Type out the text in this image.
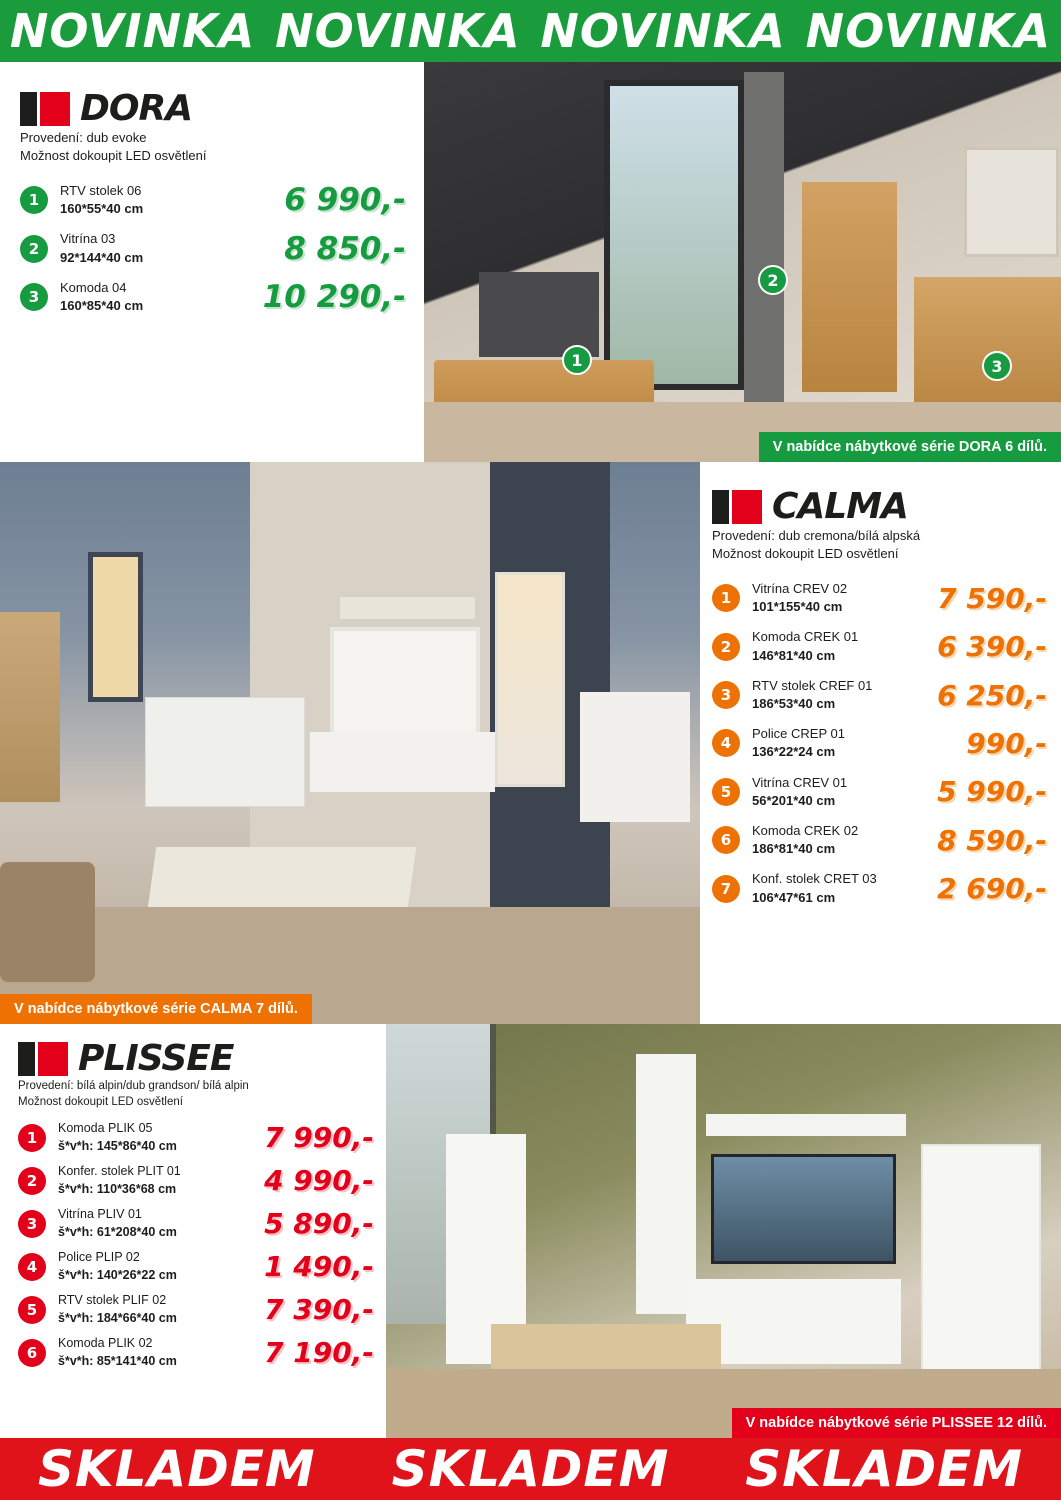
NOVINKA NOVINKA NOVINKA NOVINKA
DORA
Provedení: dub evoke
Možnost dokoupit LED osvětlení
1
RTV stolek 06
160*55*40 cm	6 990,-
2
Vitrína 03
92*144*40 cm	8 850,-
3
Komoda 04
160*85*40 cm	10 290,-
1
2
3
V nabídce nábytkové série DORA 6 dílů.
V nabídce nábytkové série CALMA 7 dílů.
CALMA
Provedení: dub cremona/bílá alpská
Možnost dokoupit LED osvětlení
1
Vitrína CREV 02
101*155*40 cm	7 590,-
2
Komoda CREK 01
146*81*40 cm	6 390,-
3
RTV stolek CREF 01
186*53*40 cm	6 250,-
4
Police CREP 01
136*22*24 cm	990,-
5
Vitrína CREV 01
56*201*40 cm	5 990,-
6
Komoda CREK 02
186*81*40 cm	8 590,-
7
Konf. stolek CRET 03
106*47*61 cm	2 690,-
PLISSEE
Provedení: bílá alpin/dub grandson/ bílá alpin
Možnost dokoupit LED osvětlení
1
Komoda PLIK 05
š*v*h: 145*86*40 cm	7 990,-
2
Konfer. stolek PLIT 01
š*v*h: 110*36*68 cm	4 990,-
3
Vitrína PLIV 01
š*v*h: 61*208*40 cm	5 890,-
4
Police PLIP 02
š*v*h: 140*26*22 cm	1 490,-
5
RTV stolek PLIF 02
š*v*h: 184*66*40 cm	7 390,-
6
Komoda PLIK 02
š*v*h: 85*141*40 cm	7 190,-
V nabídce nábytkové série PLISSEE 12 dílů.
SKLADEM SKLADEM SKLADEM
